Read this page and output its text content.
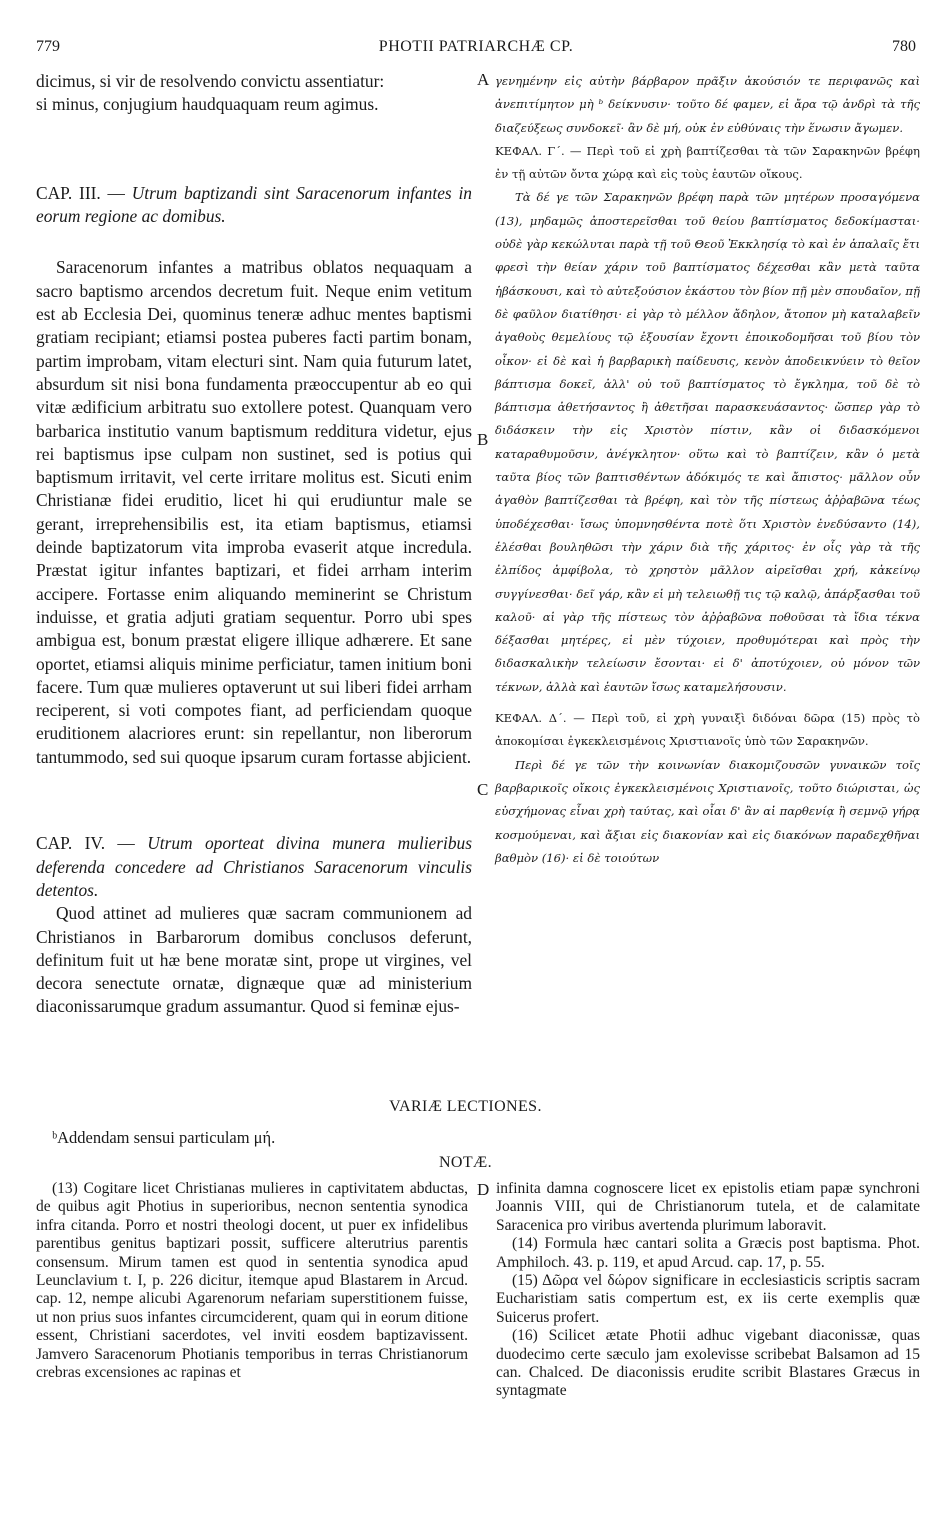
779	PHOTII PATRIARCHÆ CP.	780
A
B
C
D

dicimus, si vir de resolvendo convictu assentiatur:
si minus, conjugium haudquaquam reum agimus.

CAP. III. — Utrum baptizandi sint Saracenorum infantes in eorum regione ac domibus.

Saracenorum infantes a matribus oblatos nequaquam a sacro baptismo arcendos decretum fuit. Neque enim vetitum est ab Ecclesia Dei, quominus teneræ adhuc mentes baptismi gratiam recipiant; etiamsi postea puberes facti partim bonam, partim improbam, vitam electuri sint. Nam quia futurum latet, absurdum sit nisi bona fundamenta præoccupentur ab eo qui vitæ ædificium arbitratu suo extollere potest. Quanquam vero barbarica institutio vanum baptismum redditura videtur, ejus rei baptismus ipse culpam non sustinet, sed is potius qui baptismum irritavit, vel certe irritare molitus est. Sicuti enim Christianæ fidei eruditio, licet hi qui erudiuntur male se gerant, irreprehensibilis est, ita etiam baptismus, etiamsi deinde baptizatorum vita improba evaserit atque incredula. Præstat igitur infantes baptizari, et fidei arrham interim accipere. Fortasse enim aliquando meminerint se Christum induisse, et gratia adjuti gratiam sequentur. Porro ubi spes ambigua est, bonum præstat eligere illique adhærere. Et sane oportet, etiamsi aliquis minime perficiatur, tamen initium boni facere. Tum quæ mulieres optaverunt ut sui liberi fidei arrham reciperent, si voti compotes fiant, ad perficiendam quoque eruditionem alacriores erunt: sin repellantur, non liberorum tantummodo, sed sui quoque ipsarum curam fortasse abjicient.

CAP. IV. — Utrum oporteat divina munera mulieribus deferenda concedere ad Christianos Saracenorum vinculis detentos.

Quod attinet ad mulieres quæ sacram communionem ad Christianos in Barbarorum domibus conclusos deferunt, definitum fuit ut hæ bene moratæ sint, prope ut virgines, vel decora senectute ornatæ, dignæque quæ ad ministerium diaconissarumque gradum assumantur. Quod si feminæ ejus-

γενημένην εἰς αὐτὴν βάρβαρον πρᾶξιν ἀκούσιόν τε περιφανῶς καὶ ἀνεπιτίμητον μὴ ᵇ δείκνυσιν· τοῦτο δέ φαμεν, εἰ ἄρα τῷ ἀνδρὶ τὰ τῆς διαζεύξεως συνδοκεῖ· ἂν δὲ μή, οὐκ ἐν εὐθύναις τὴν ἕνωσιν ἄγωμεν.

ΚΕΦΑΛ. Γ΄. — Περὶ τοῦ εἰ χρὴ βαπτίζεσθαι τὰ τῶν Σαρακηνῶν βρέφη ἐν τῇ αὐτῶν ὄντα χώρᾳ καὶ εἰς τοὺς ἑαυτῶν οἴκους.

Τὰ δέ γε τῶν Σαρακηνῶν βρέφη παρὰ τῶν μητέρων προσαγόμενα (13), μηδαμῶς ἀποστερεῖσθαι τοῦ θείου βαπτίσματος δεδοκίμασται· οὐδὲ γὰρ κεκώλυται παρὰ τῇ τοῦ Θεοῦ Ἐκκλησίᾳ τὸ καὶ ἐν ἁπαλαῖς ἔτι φρεσὶ τὴν θείαν χάριν τοῦ βαπτίσματος δέχεσθαι κἂν μετὰ ταῦτα ἡβάσκουσι, καὶ τὸ αὐτεξούσιον ἑκάστου τὸν βίον πῇ μὲν σπουδαῖον, πῇ δὲ φαῦλον διατίθησι· εἰ γὰρ τὸ μέλλον ἄδηλον, ἄτοπον μὴ καταλαβεῖν ἀγαθοὺς θεμελίους τῷ ἐξουσίαν ἔχοντι ἐποικοδομῆσαι τοῦ βίου τὸν οἶκον· εἰ δὲ καὶ ἡ βαρβαρικὴ παίδευσις, κενὸν ἀποδεικνύειν τὸ θεῖον βάπτισμα δοκεῖ, ἀλλ' οὐ τοῦ βαπτίσματος τὸ ἔγκλημα, τοῦ δὲ τὸ βάπτισμα ἀθετήσαντος ἢ ἀθετῆσαι παρασκευάσαντος· ὥσπερ γὰρ τὸ διδάσκειν τὴν εἰς Χριστὸν πίστιν, κἂν οἱ διδασκόμενοι καταραθυμοῦσιν, ἀνέγκλητον· οὕτω καὶ τὸ βαπτίζειν, κἂν ὁ μετὰ ταῦτα βίος τῶν βαπτισθέντων ἀδόκιμός τε καὶ ἄπιστος· μᾶλλον οὖν ἀγαθὸν βαπτίζεσθαι τὰ βρέφη, καὶ τὸν τῆς πίστεως ἀῤῥαβῶνα τέως ὑποδέχεσθαι· ἴσως ὑπομνησθέντα ποτὲ ὅτι Χριστὸν ἐνεδύσαντο (14), ἑλέσθαι βουληθῶσι τὴν χάριν διὰ τῆς χάριτος· ἐν οἷς γὰρ τὰ τῆς ἐλπίδος ἀμφίβολα, τὸ χρηστὸν μᾶλλον αἱρεῖσθαι χρή, κἀκείνῳ συγγίνεσθαι· δεῖ γάρ, κἂν εἰ μὴ τελειωθῇ τις τῷ καλῷ, ἀπάρξασθαι τοῦ καλοῦ· αἱ γὰρ τῆς πίστεως τὸν ἀῤῥαβῶνα ποθοῦσαι τὰ ἴδια τέκνα δέξασθαι μητέρες, εἰ μὲν τύχοιεν, προθυμότεραι καὶ πρὸς τὴν διδασκαλικὴν τελείωσιν ἔσονται· εἰ δ' ἀποτύχοιεν, οὐ μόνον τῶν τέκνων, ἀλλὰ καὶ ἑαυτῶν ἴσως καταμελήσουσιν.

ΚΕΦΑΛ. Δ΄. — Περὶ τοῦ, εἰ χρὴ γυναιξὶ διδόναι δῶρα (15) πρὸς τὸ ἀποκομίσαι ἐγκεκλεισμένοις Χριστιανοῖς ὑπὸ τῶν Σαρακηνῶν.

Περὶ δέ γε τῶν τὴν κοινωνίαν διακομιζουσῶν γυναικῶν τοῖς βαρβαρικοῖς οἴκοις ἐγκεκλεισμένοις Χριστιανοῖς, τοῦτο διώρισται, ὡς εὐσχήμονας εἶναι χρὴ ταύτας, καὶ οἷαι δ' ἂν αἱ παρθενίᾳ ἢ σεμνῷ γήρᾳ κοσμούμεναι, καὶ ἄξιαι εἰς διακονίαν καὶ εἰς διακόνων παραδεχθῆναι βαθμὸν (16)· εἰ δὲ τοιούτων

VARIÆ LECTIONES.
ᵇAddendam sensui particulam μή.
NOTÆ.

(13) Cogitare licet Christianas mulieres in captivitatem abductas, de quibus agit Photius in superioribus, necnon sententia synodica infra citanda. Porro et nostri theologi docent, ut puer ex infidelibus parentibus genitus baptizari possit, sufficere alterutrius parentis consensum. Mirum tamen est quod in sententia synodica apud Leunclavium t. I, p. 226 dicitur, itemque apud Blastarem in Arcud. cap. 12, nempe alicubi Agarenorum nefariam superstitionem fuisse, ut non prius suos infantes circumciderent, quam qui in eorum ditione essent, Christiani sacerdotes, vel inviti eosdem baptizavissent. Jamvero Saracenorum Photianis temporibus in terras Christianorum crebras excensiones ac rapinas et

infinita damna cognoscere licet ex epistolis etiam papæ synchroni Joannis VIII, qui de Christianorum tutela, et de calamitate Saracenica pro viribus avertenda plurimum laboravit.

(14) Formula hæc cantari solita a Græcis post baptisma. Phot. Amphiloch. 43. p. 119, et apud Arcud. cap. 17, p. 55.

(15) Δῶρα vel δώρον significare in ecclesiasticis scriptis sacram Eucharistiam satis compertum est, ex iis certe exemplis quæ Suicerus profert.

(16) Scilicet ætate Photii adhuc vigebant diaconissæ, quas duodecimo certe sæculo jam exolevisse scribebat Balsamon ad 15 can. Chalced. De diaconissis erudite scribit Blastares Græcus in syntagmate
